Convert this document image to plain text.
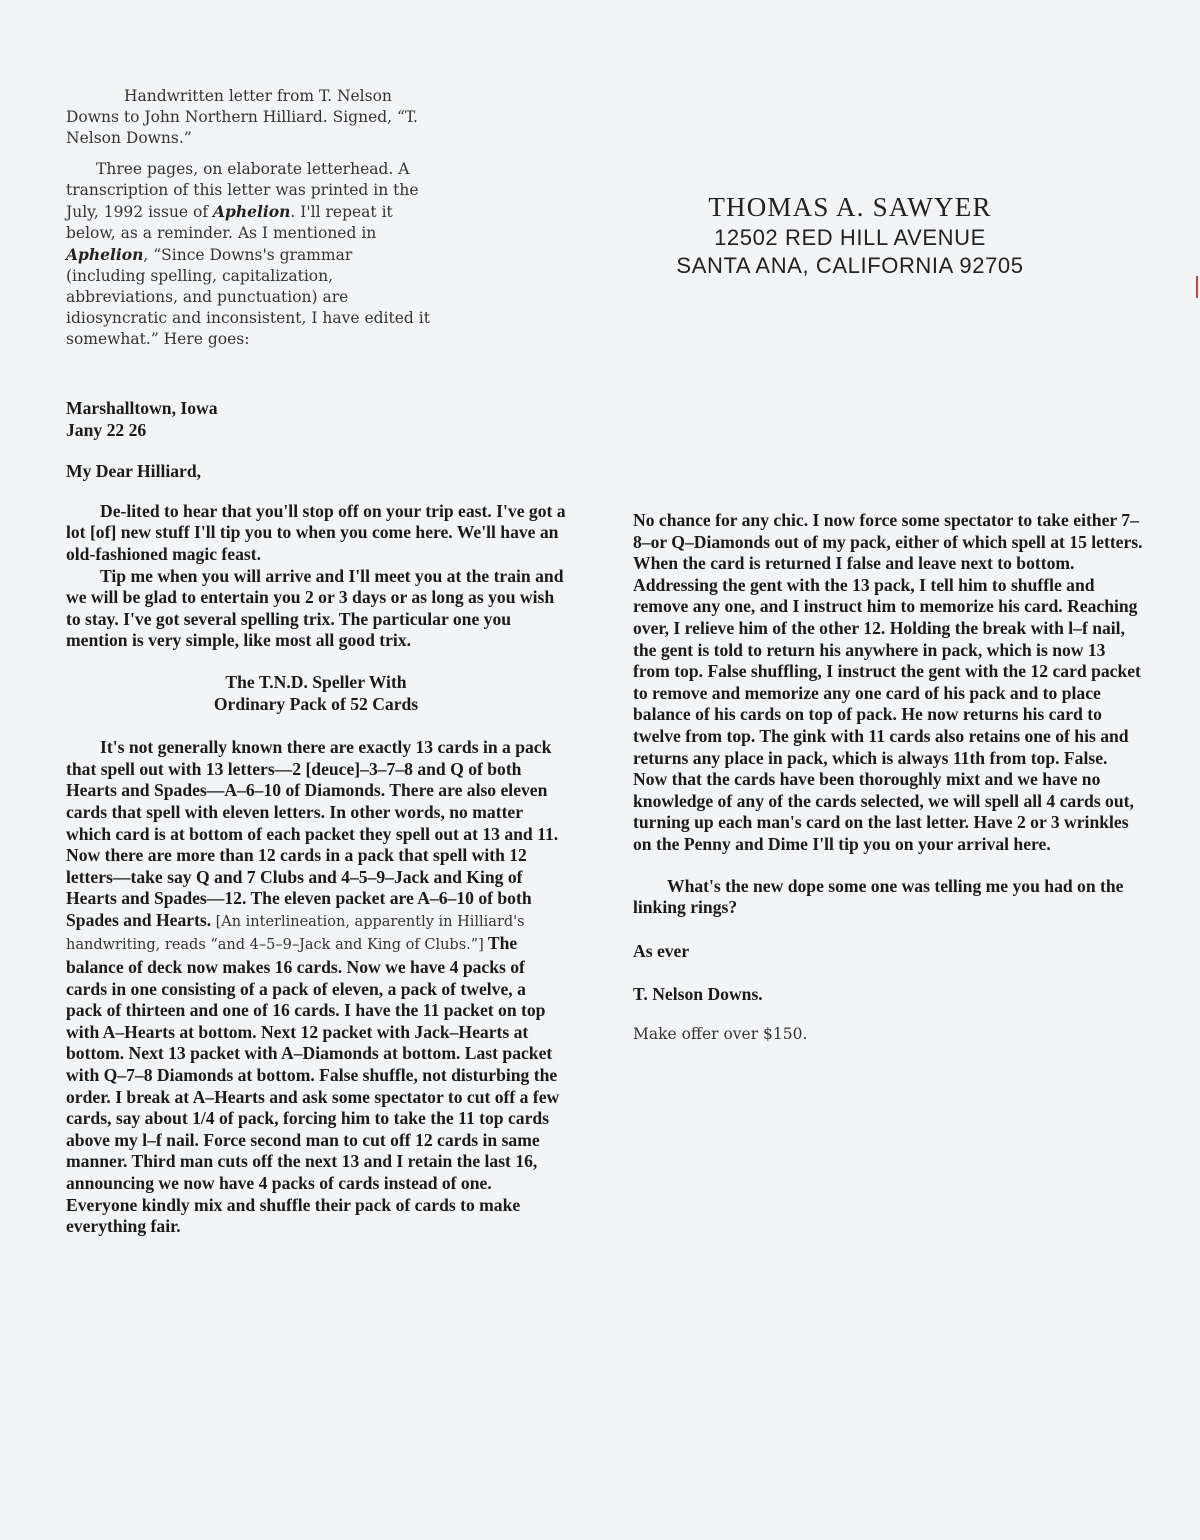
Handwritten letter from T. Nelson Downs to John Northern Hilliard. Signed, “T. Nelson Downs.”

Three pages, on elaborate letterhead. A transcription of this letter was printed in the July, 1992 issue of Aphelion. I'll repeat it below, as a reminder. As I mentioned in Aphelion, “Since Downs's grammar (including spelling, capitalization, abbreviations, and punctuation) are idiosyncratic and inconsistent, I have edited it somewhat.” Here goes:

THOMAS A. SAWYER
12502 RED HILL AVENUE
SANTA ANA, CALIFORNIA 92705

Marshalltown, Iowa

Jany 22 26

My Dear Hilliard,

De-lited to hear that you'll stop off on your trip east. I've got a lot [of] new stuff I'll tip you to when you come here. We'll have an old-fashioned magic feast.

Tip me when you will arrive and I'll meet you at the train and we will be glad to entertain you 2 or 3 days or as long as you wish to stay. I've got several spelling trix. The particular one you mention is very simple, like most all good trix.

The T.N.D. Speller With
Ordinary Pack of 52 Cards

It's not generally known there are exactly 13 cards in a pack that spell out with 13 letters—2 [deuce]–3–7–8 and Q of both Hearts and Spades—A–6–10 of Diamonds. There are also eleven cards that spell with eleven letters. In other words, no matter which card is at bottom of each packet they spell out at 13 and 11. Now there are more than 12 cards in a pack that spell with 12 letters—take say Q and 7 Clubs and 4–5–9–Jack and King of Hearts and Spades—12. The eleven packet are A–6–10 of both Spades and Hearts. [An interlineation, apparently in Hilliard's handwriting, reads “and 4–5–9–Jack and King of Clubs.”] The balance of deck now makes 16 cards. Now we have 4 packs of cards in one consisting of a pack of eleven, a pack of twelve, a pack of thirteen and one of 16 cards. I have the 11 packet on top with A–Hearts at bottom. Next 12 packet with Jack–Hearts at bottom. Next 13 packet with A–Diamonds at bottom. Last packet with Q–7–8 Diamonds at bottom. False shuffle, not disturbing the order. I break at A–Hearts and ask some spectator to cut off a few cards, say about 1/4 of pack, forcing him to take the 11 top cards above my l–f nail. Force second man to cut off 12 cards in same manner. Third man cuts off the next 13 and I retain the last 16, announcing we now have 4 packs of cards instead of one. Everyone kindly mix and shuffle their pack of cards to make everything fair.

No chance for any chic. I now force some spectator to take either 7–8–or Q–Diamonds out of my pack, either of which spell at 15 letters. When the card is returned I false and leave next to bottom. Addressing the gent with the 13 pack, I tell him to shuffle and remove any one, and I instruct him to memorize his card. Reaching over, I relieve him of the other 12. Holding the break with l–f nail, the gent is told to return his anywhere in pack, which is now 13 from top. False shuffling, I instruct the gent with the 12 card packet to remove and memorize any one card of his pack and to place balance of his cards on top of pack. He now returns his card to twelve from top. The gink with 11 cards also retains one of his and returns any place in pack, which is always 11th from top. False. Now that the cards have been thoroughly mixt and we have no knowledge of any of the cards selected, we will spell all 4 cards out, turning up each man's card on the last letter. Have 2 or 3 wrinkles on the Penny and Dime I'll tip you on your arrival here.

What's the new dope some one was telling me you had on the linking rings?

As ever

T. Nelson Downs.

Make offer over $150.
